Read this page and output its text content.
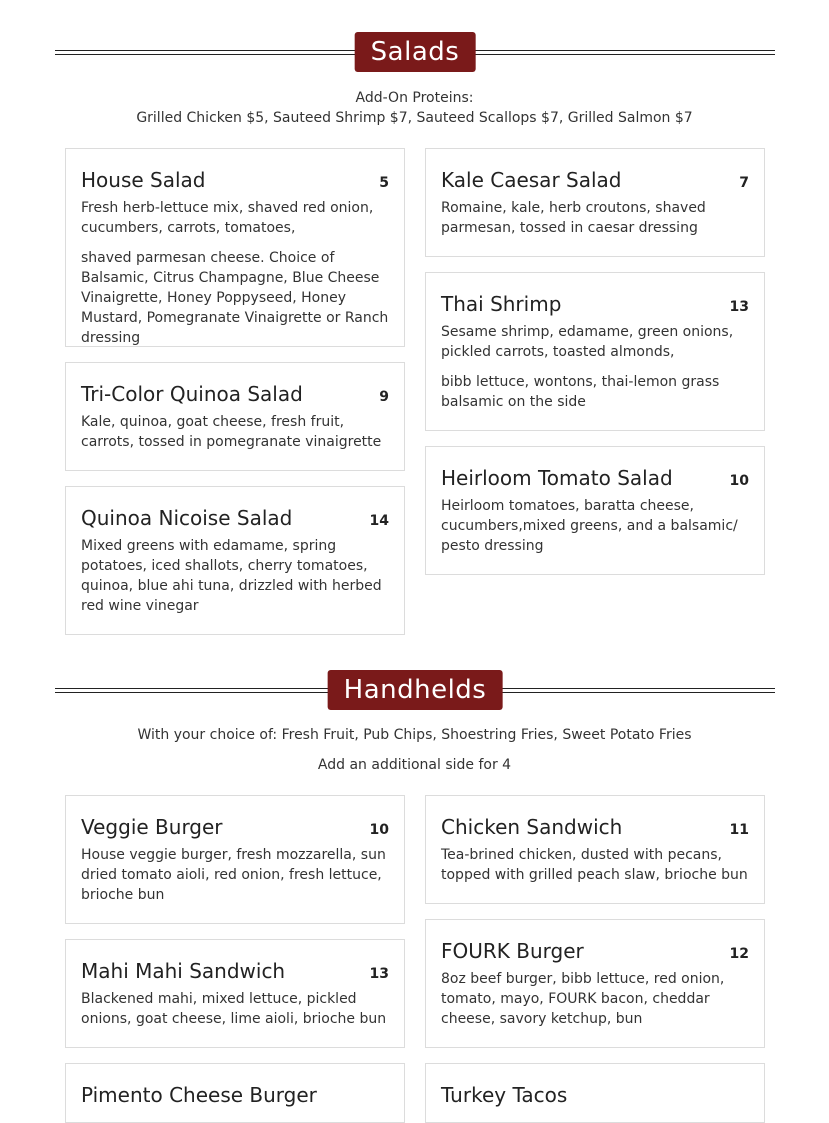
Salads
Add-On Proteins:
Grilled Chicken $5, Sauteed Shrimp $7, Sauteed Scallops $7, Grilled Salmon $7
House Salad	5
Fresh herb-lettuce mix, shaved red onion, cucumbers, carrots, tomatoes,
shaved parmesan cheese. Choice of Balsamic, Citrus Champagne, Blue Cheese Vinaigrette, Honey Poppyseed, Honey Mustard, Pomegranate Vinaigrette or Ranch dressing
Tri-Color Quinoa Salad	9
Kale, quinoa, goat cheese, fresh fruit, carrots, tossed in pomegranate vinaigrette
Quinoa Nicoise Salad	14
Mixed greens with edamame, spring potatoes, iced shallots, cherry tomatoes, quinoa, blue ahi tuna, drizzled with herbed red wine vinegar
Kale Caesar Salad	7
Romaine, kale, herb croutons, shaved parmesan, tossed in caesar dressing
Thai Shrimp	13
Sesame shrimp, edamame, green onions, pickled carrots, toasted almonds,
bibb lettuce, wontons, thai-lemon grass balsamic on the side
Heirloom Tomato Salad	10
Heirloom tomatoes, baratta cheese, cucumbers,mixed greens, and a balsamic/ pesto dressing
Handhelds
With your choice of: Fresh Fruit, Pub Chips, Shoestring Fries, Sweet Potato Fries
Add an additional side for 4
Veggie Burger	10
House veggie burger, fresh mozzarella, sun dried tomato aioli, red onion, fresh lettuce, brioche bun
Mahi Mahi Sandwich	13
Blackened mahi, mixed lettuce, pickled onions, goat cheese, lime aioli, brioche bun
Pimento Cheese Burger
Chicken Sandwich	11
Tea-brined chicken, dusted with pecans, topped with grilled peach slaw, brioche bun
FOURK Burger	12
8oz beef burger, bibb lettuce, red onion, tomato, mayo, FOURK bacon, cheddar cheese, savory ketchup, bun
Turkey Tacos
